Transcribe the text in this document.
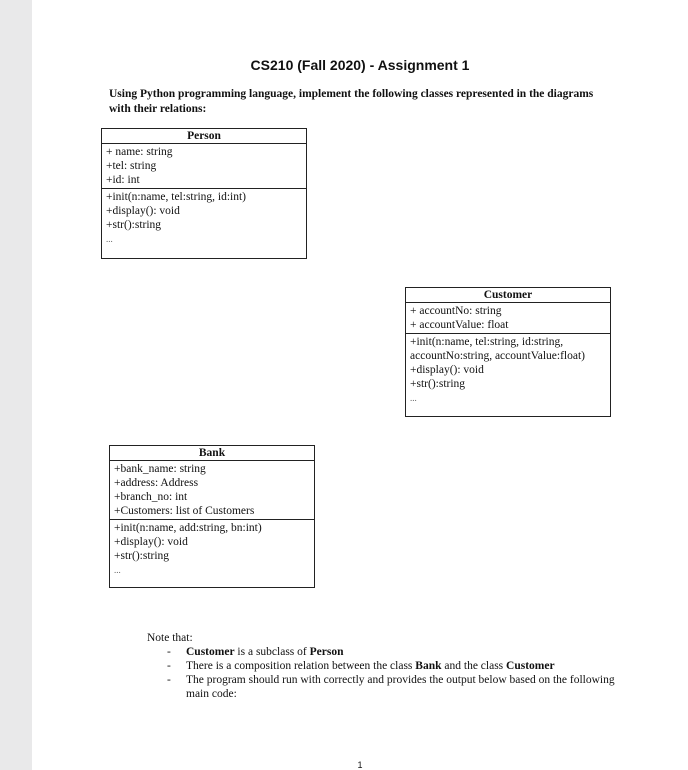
CS210 (Fall 2020) - Assignment 1
Using Python programming language, implement the following classes represented in the diagrams with their relations:
Person
+ name: string
+tel: string
+id: int
+init(n:name, tel:string, id:int)
+display(): void
+str():string
...
Customer
+ accountNo: string
+ accountValue: float
+init(n:name, tel:string, id:string, accountNo:string, accountValue:float)
+display(): void
+str():string
...
Bank
+bank_name: string
+address: Address
+branch_no: int
+Customers: list of Customers
+init(n:name, add:string, bn:int)
+display(): void
+str():string
...
Note that:
- Customer is a subclass of Person
- There is a composition relation between the class Bank and the class Customer
- The program should run with correctly and provides the output below based on the following main code:
1
